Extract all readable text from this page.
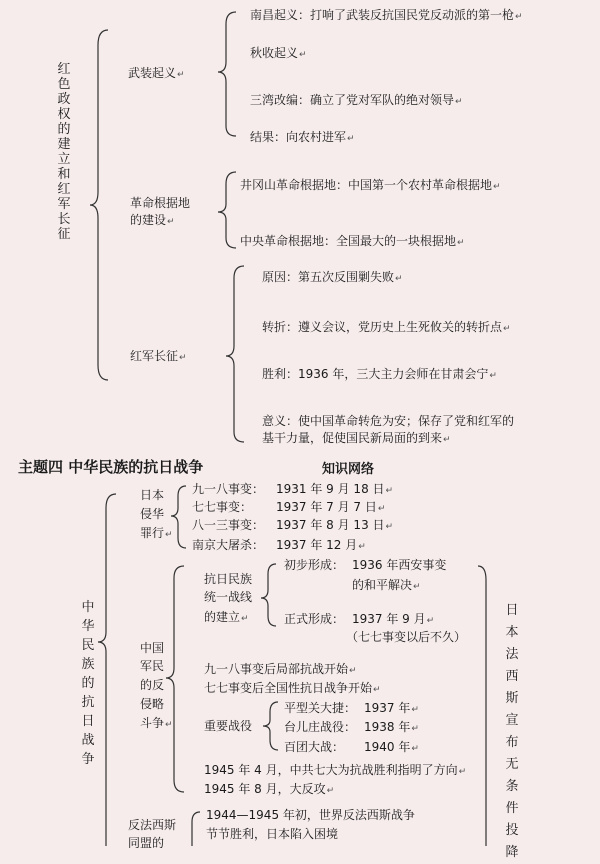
红色政权的建立和红军长征
武装起义 ↵
南昌起义：打响了武装反抗国民党反动派的第一枪 ↵
秋收起义 ↵
三湾改编：确立了党对军队的绝对领导 ↵
结果：向农村进军 ↵
革命根据地
的建设 ↵
井冈山革命根据地：中国第一个农村革命根据地 ↵
中央革命根据地：全国最大的一块根据地 ↵
红军长征 ↵
原因：第五次反围剿失败 ↵
转折：遵义会议，党历史上生死攸关的转折点 ↵
胜利：1936 年，三大主力会师在甘肃会宁 ↵
意义：使中国革命转危为安；保存了党和红军的
基干力量，促使国民新局面的到来 ↵
主题四 中华民族的抗日战争	知识网络
中华民族的抗日战争
日本
侵华
罪行 ↵
九一八事变： 1931 年 9 月 18 日 ↵
七七事变： 1937 年 7 月 7 日 ↵
八一三事变： 1937 年 8 月 13 日 ↵
南京大屠杀： 1937 年 12 月 ↵
中国
军民
的反
侵略
斗争 ↵
抗日民族
统一战线
的建立 ↵
初步形成： 1936 年西安事变
的和平解决 ↵
正式形成： 1937 年 9 月 ↵
（七七事变以后不久）
九一八事变后局部抗战开始 ↵
七七事变后全国性抗日战争开始 ↵
重要战役
平型关大捷： 1937 年 ↵
台儿庄战役： 1938 年 ↵
百团大战： 1940 年 ↵
1945 年 4 月，中共七大为抗战胜利指明了方向 ↵
1945 年 8 月，大反攻 ↵
反法西斯
同盟的
1944—1945 年初，世界反法西斯战争
节节胜利，日本陷入困境
日本法西斯宣布无条件投降
